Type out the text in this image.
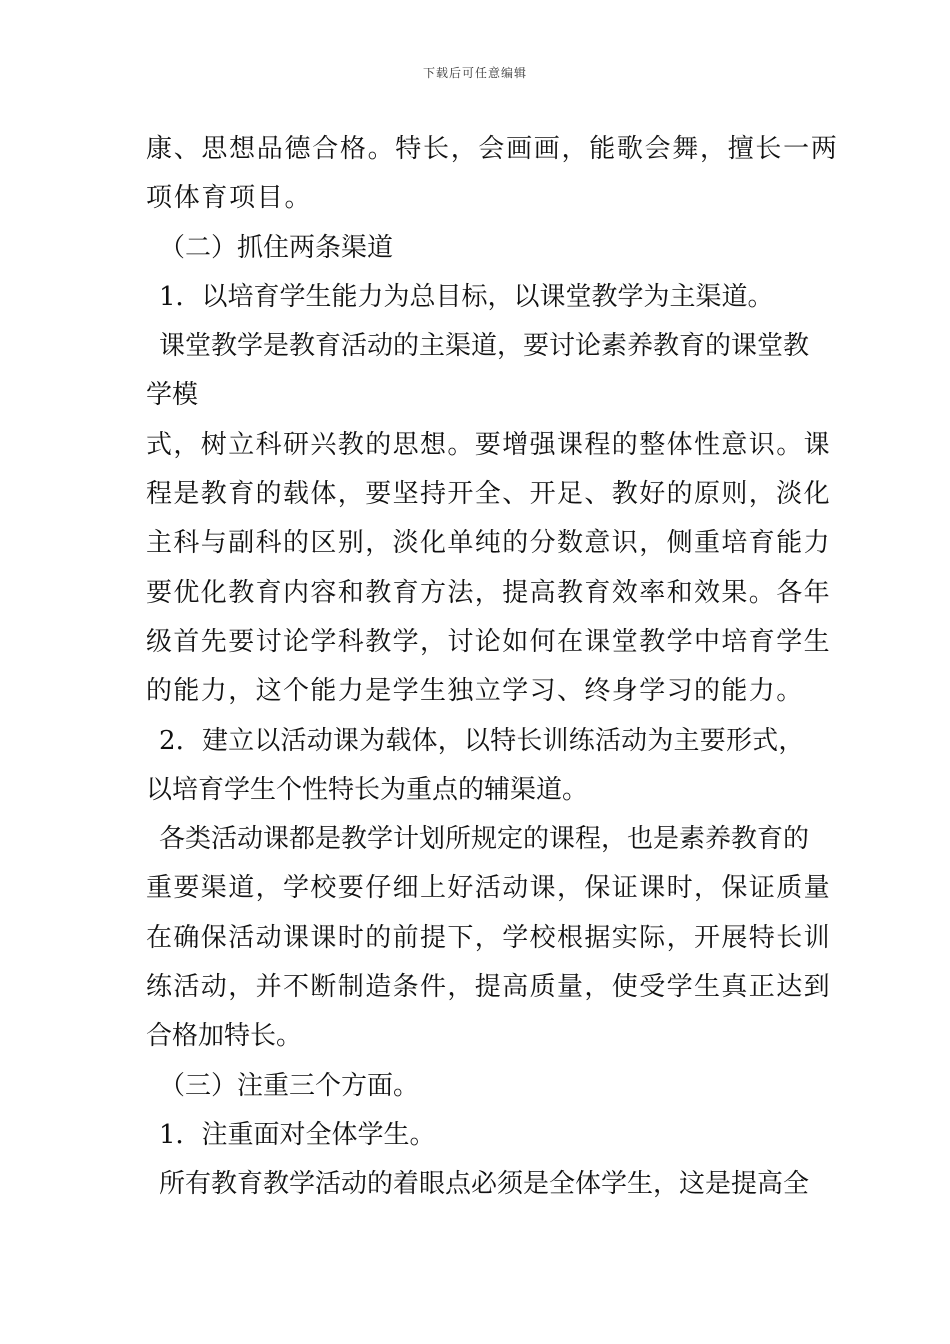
下载后可任意编辑
康、思想品德合格。特长，会画画，能歌会舞，擅长一两
项体育项目。
（二）抓住两条渠道
1．以培育学生能力为总目标，以课堂教学为主渠道。
课堂教学是教育活动的主渠道，要讨论素养教育的课堂教
学模
式，树立科研兴教的思想。要增强课程的整体性意识。课
程是教育的载体，要坚持开全、开足、教好的原则，淡化
主科与副科的区别，淡化单纯的分数意识，侧重培育能力
要优化教育内容和教育方法，提高教育效率和效果。各年
级首先要讨论学科教学，讨论如何在课堂教学中培育学生
的能力，这个能力是学生独立学习、终身学习的能力。
2．建立以活动课为载体，以特长训练活动为主要形式，
以培育学生个性特长为重点的辅渠道。
各类活动课都是教学计划所规定的课程，也是素养教育的
重要渠道，学校要仔细上好活动课，保证课时，保证质量
在确保活动课课时的前提下，学校根据实际，开展特长训
练活动，并不断制造条件，提高质量，使受学生真正达到
合格加特长。
（三）注重三个方面。
1．注重面对全体学生。
所有教育教学活动的着眼点必须是全体学生，这是提高全
